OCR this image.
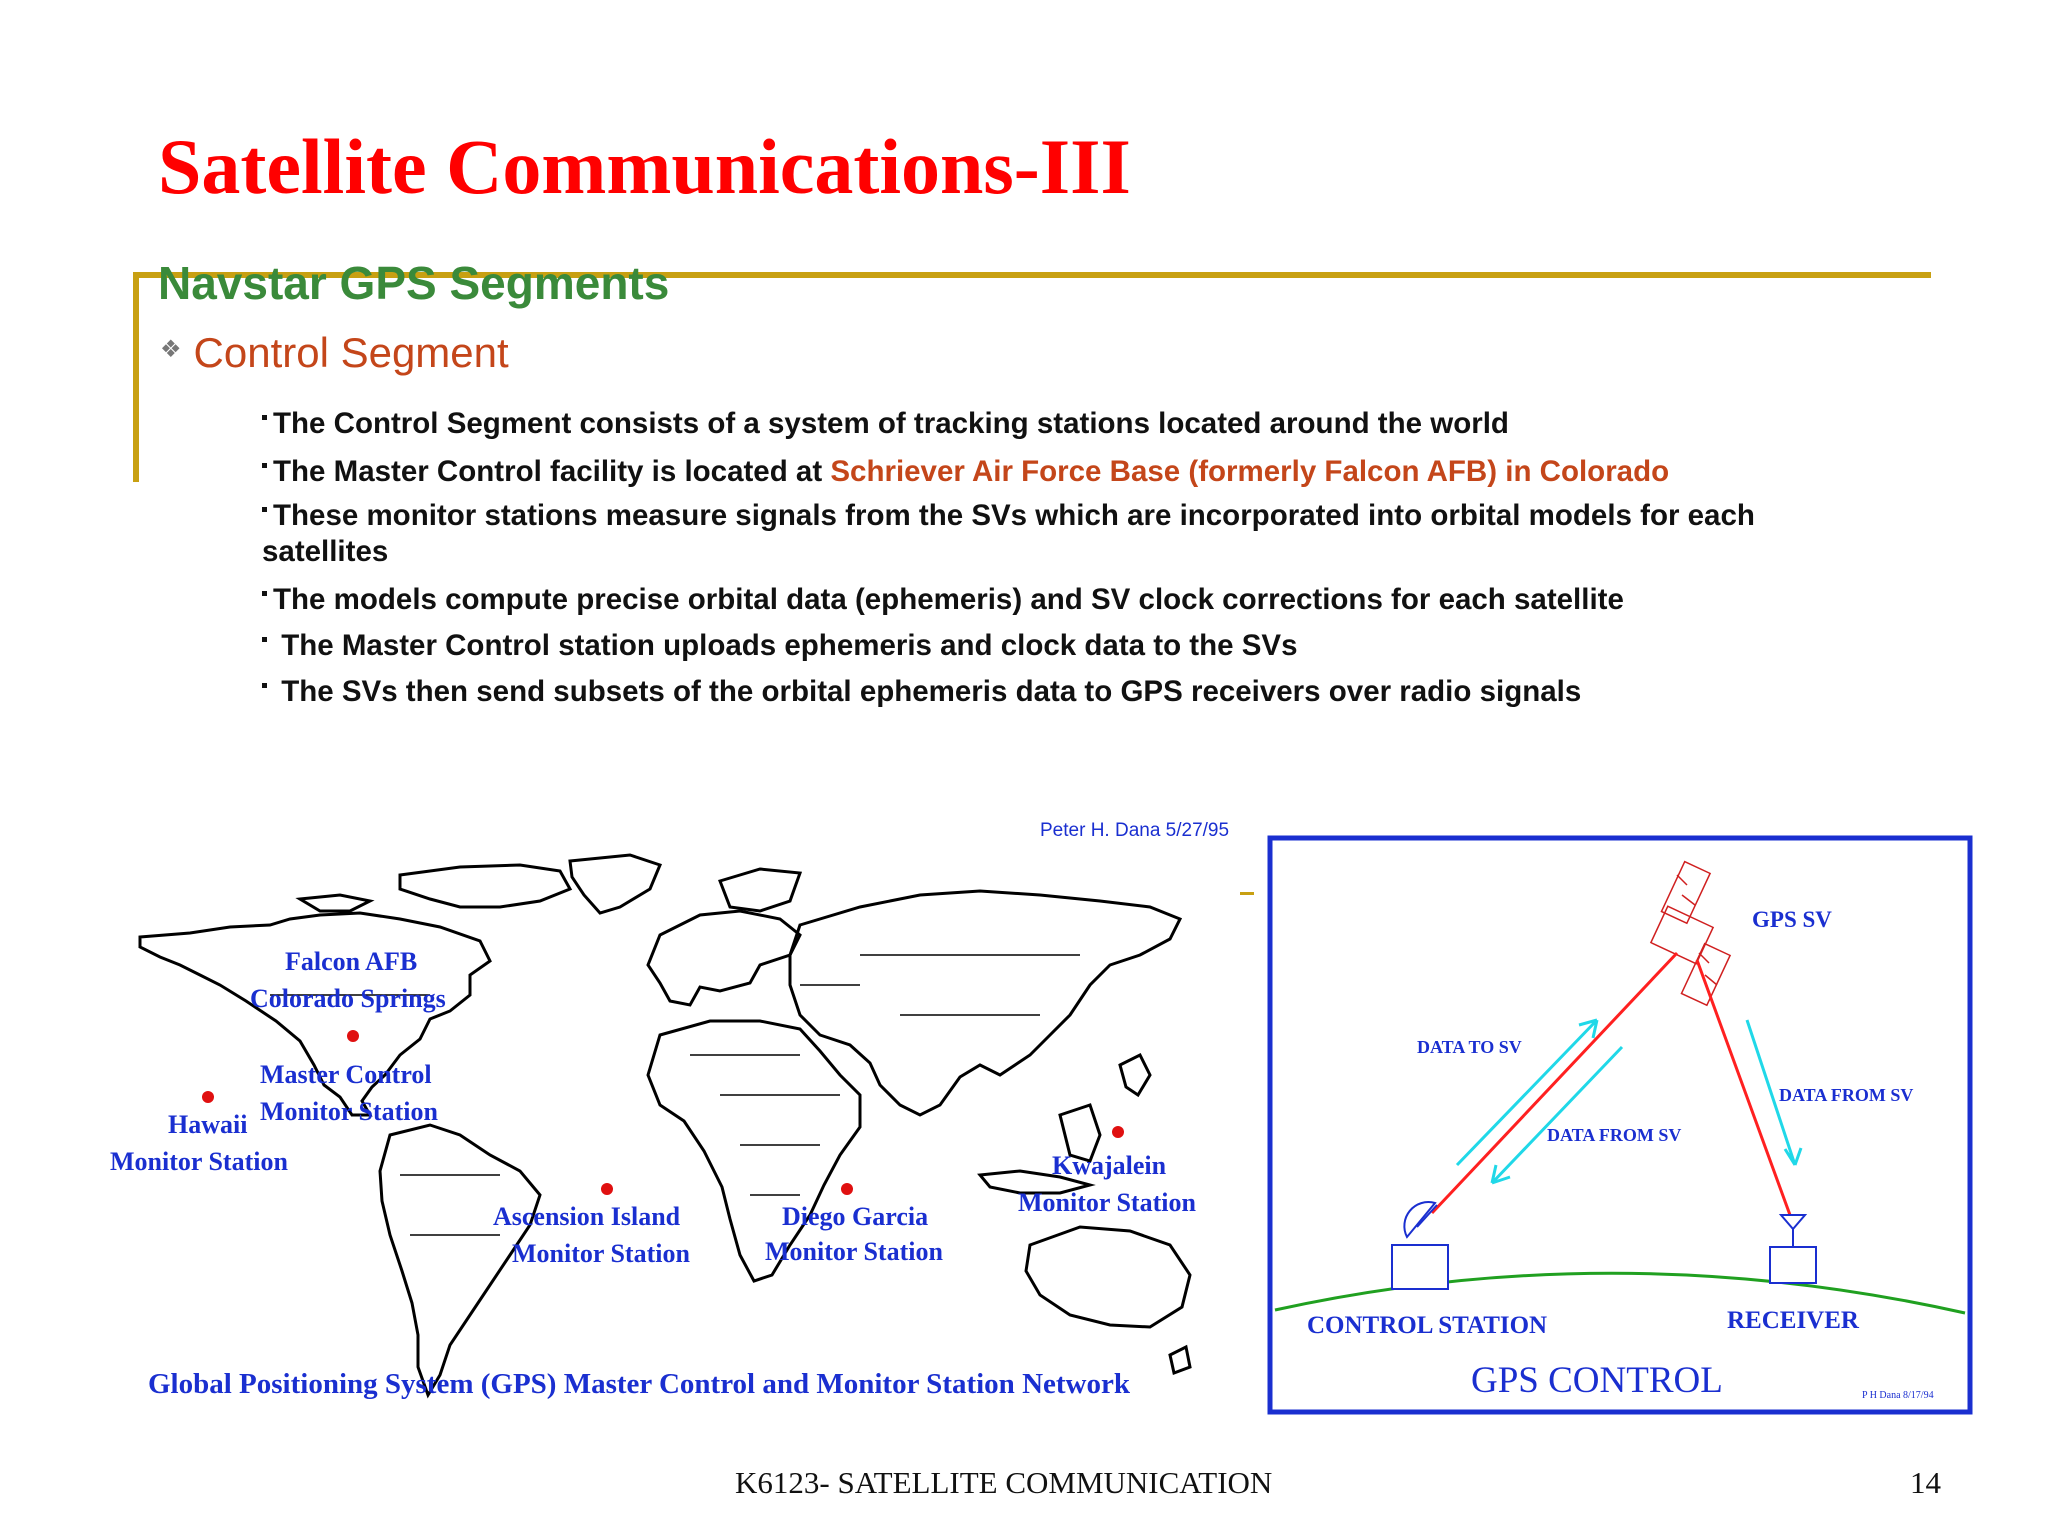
Satellite Communications-III
Navstar GPS Segments
❖ Control Segment
The Control Segment consists of a system of tracking stations located around the world
The Master Control facility is located at Schriever Air Force Base (formerly Falcon AFB) in Colorado
These monitor stations measure signals from the SVs which are incorporated into orbital models for each
satellites
The models compute precise orbital data (ephemeris) and SV clock corrections for each satellite
The Master Control station uploads ephemeris and clock data to the SVs
The SVs then send subsets of the orbital ephemeris data to GPS receivers over radio signals
Peter H. Dana 5/27/95
Falcon AFB
Colorado Springs
Master Control
Monitor Station
Hawaii
Monitor Station
Ascension Island
Monitor Station
Diego Garcia
Monitor Station
Kwajalein
Monitor Station
Global Positioning System (GPS) Master Control and Monitor Station Network
GPS SV
DATA TO SV
DATA FROM SV
DATA FROM SV
CONTROL STATION	RECEIVER
GPS CONTROL	P H Dana 8/17/94
K6123- SATELLITE COMMUNICATION	14
